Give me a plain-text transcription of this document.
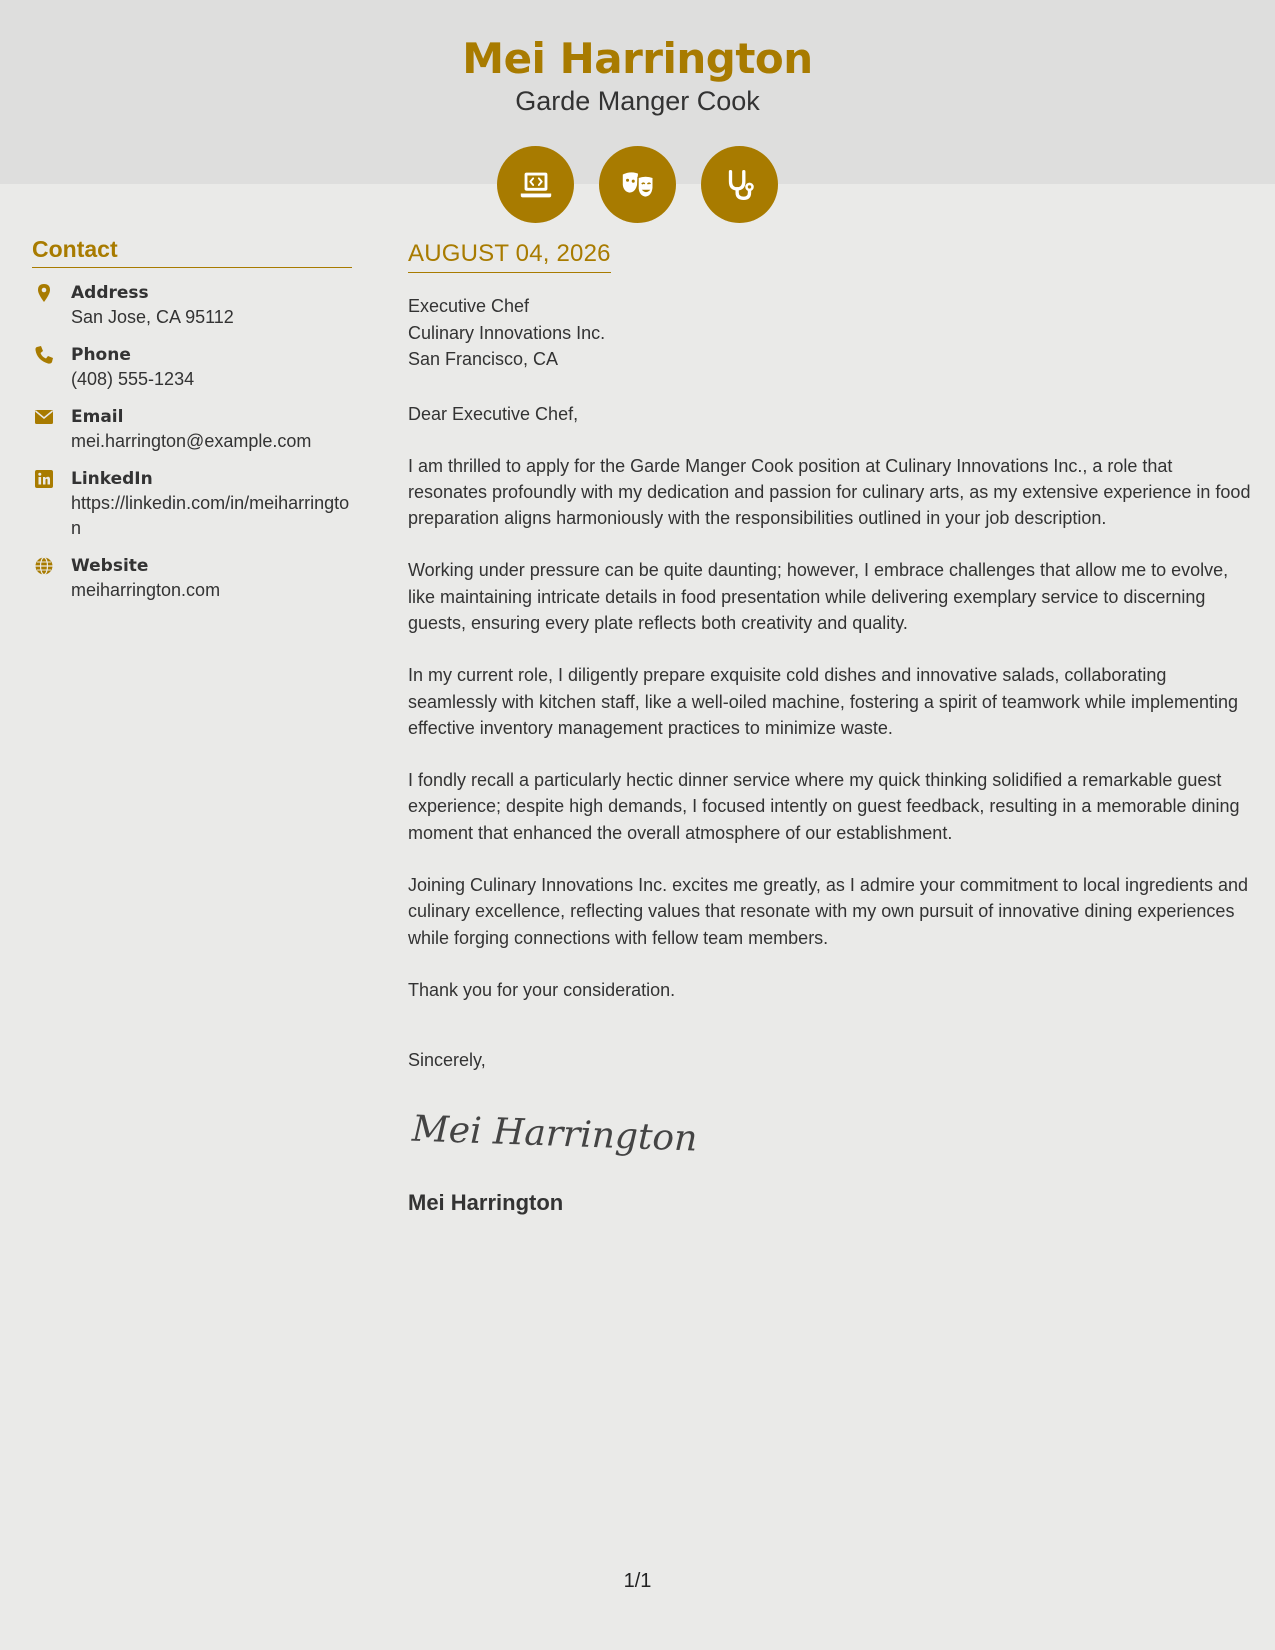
Mei Harrington
Garde Manger Cook
Contact
Address
San Jose, CA 95112
Phone
(408) 555-1234
Email
mei.harrington@example.com
LinkedIn
https://linkedin.com/in/meiharrington
Website
meiharrington.com
AUGUST 04, 2026
Executive Chef
Culinary Innovations Inc.
San Francisco, CA
Dear Executive Chef,
I am thrilled to apply for the Garde Manger Cook position at Culinary Innovations Inc., a role that resonates profoundly with my dedication and passion for culinary arts, as my extensive experience in food preparation aligns harmoniously with the responsibilities outlined in your job description.
Working under pressure can be quite daunting; however, I embrace challenges that allow me to evolve, like maintaining intricate details in food presentation while delivering exemplary service to discerning guests, ensuring every plate reflects both creativity and quality.
In my current role, I diligently prepare exquisite cold dishes and innovative salads, collaborating seamlessly with kitchen staff, like a well-oiled machine, fostering a spirit of teamwork while implementing effective inventory management practices to minimize waste.
I fondly recall a particularly hectic dinner service where my quick thinking solidified a remarkable guest experience; despite high demands, I focused intently on guest feedback, resulting in a memorable dining moment that enhanced the overall atmosphere of our establishment.
Joining Culinary Innovations Inc. excites me greatly, as I admire your commitment to local ingredients and culinary excellence, reflecting values that resonate with my own pursuit of innovative dining experiences while forging connections with fellow team members.
Thank you for your consideration.
Sincerely,
Mei Harrington
Mei Harrington
1/1
